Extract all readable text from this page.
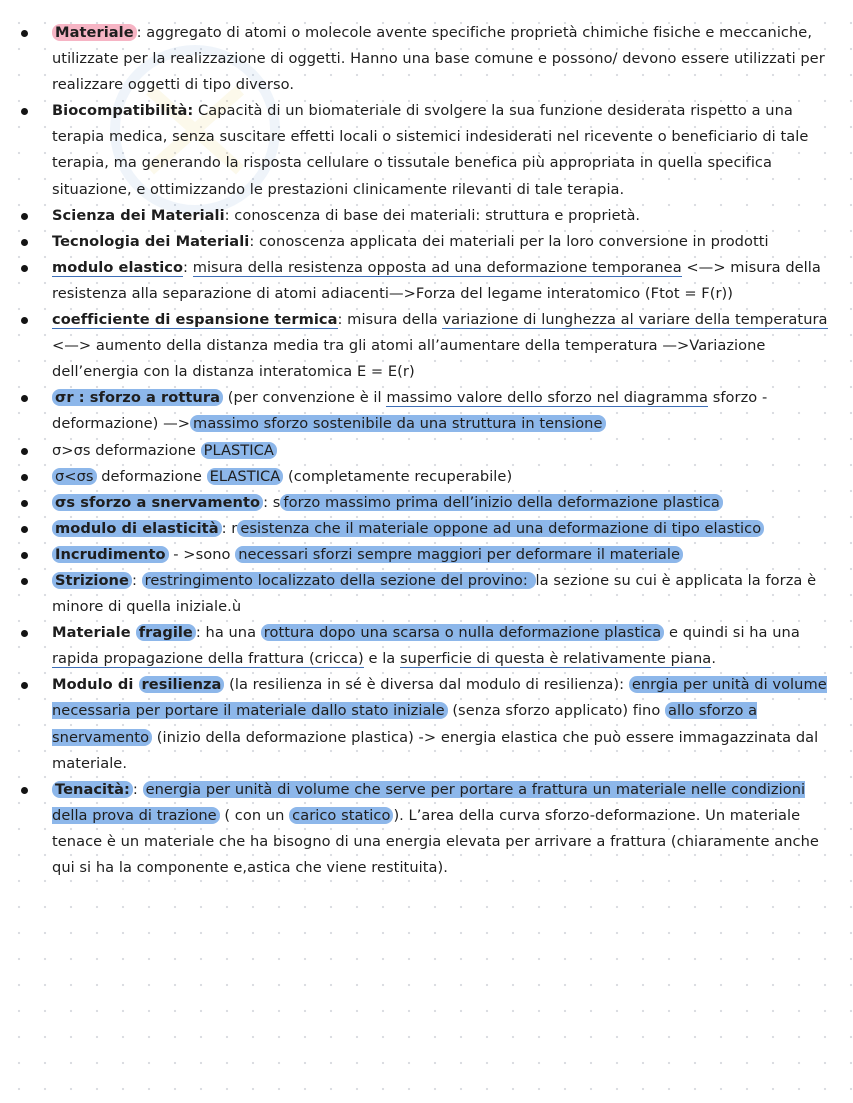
Materiale : aggregato di atomi o molecole avente specifiche proprietà chimiche fisiche e meccaniche, utilizzate per la realizzazione di oggetti. Hanno una base comune e possono/ devono essere utilizzati per realizzare oggetti di tipo diverso.
Biocompatibilità: Capacità di un biomateriale di svolgere la sua funzione desiderata rispetto a una terapia medica, senza suscitare effetti locali o sistemici indesiderati nel ricevente o beneficiario di tale terapia, ma generando la risposta cellulare o tissutale benefica più appropriata in quella specifica situazione, e ottimizzando le prestazioni clinicamente rilevanti di tale terapia.
Scienza dei Materiali: conoscenza di base dei materiali: struttura e proprietà.
Tecnologia dei Materiali: conoscenza applicata dei materiali per la loro conversione in prodotti
modulo elastico: misura della resistenza opposta ad una deformazione temporanea <—> misura della resistenza alla separazione di atomi adiacenti—>Forza del legame interatomico (Ftot = F(r))
coefficiente di espansione termica: misura della variazione di lunghezza al variare della temperatura <—> aumento della distanza media tra gli atomi all’aumentare della temperatura —>Variazione dell’energia con la distanza interatomica E = E(r)
σr : sforzo a rottura (per convenzione è il massimo valore dello sforzo nel diagramma sforzo - deformazione) —> massimo sforzo sostenibile da una struttura in tensione
σ>σs deformazione PLASTICA
σ<σs deformazione ELASTICA (completamente recuperabile)
σs sforzo a snervamento : s forzo massimo prima dell’inizio della deformazione plastica
modulo di elasticità : r esistenza che il materiale oppone ad una deformazione di tipo elastico
Incrudimento - >sono necessari sforzi sempre maggiori per deformare il materiale
Strizione : restringimento localizzato della sezione del provino: la sezione su cui è applicata la forza è minore di quella iniziale.ù
Materiale fragile : ha una rottura dopo una scarsa o nulla deformazione plastica e quindi si ha una rapida propagazione della frattura (cricca) e la superficie di questa è relativamente piana.
Modulo di resilienza (la resilienza in sé è diversa dal modulo di resilienza): enrgia per unità di volume necessaria per portare il materiale dallo stato iniziale (senza sforzo applicato) fino allo sforzo a snervamento (inizio della deformazione plastica) -> energia elastica che può essere immagazzinata dal materiale.
Tenacità: : energia per unità di volume che serve per portare a frattura un materiale nelle condizioni della prova di trazione ( con un carico statico ). L’area della curva sforzo-deformazione. Un materiale tenace è un materiale che ha bisogno di una energia elevata per arrivare a frattura (chiaramente anche qui si ha la componente e,astica che viene restituita).
